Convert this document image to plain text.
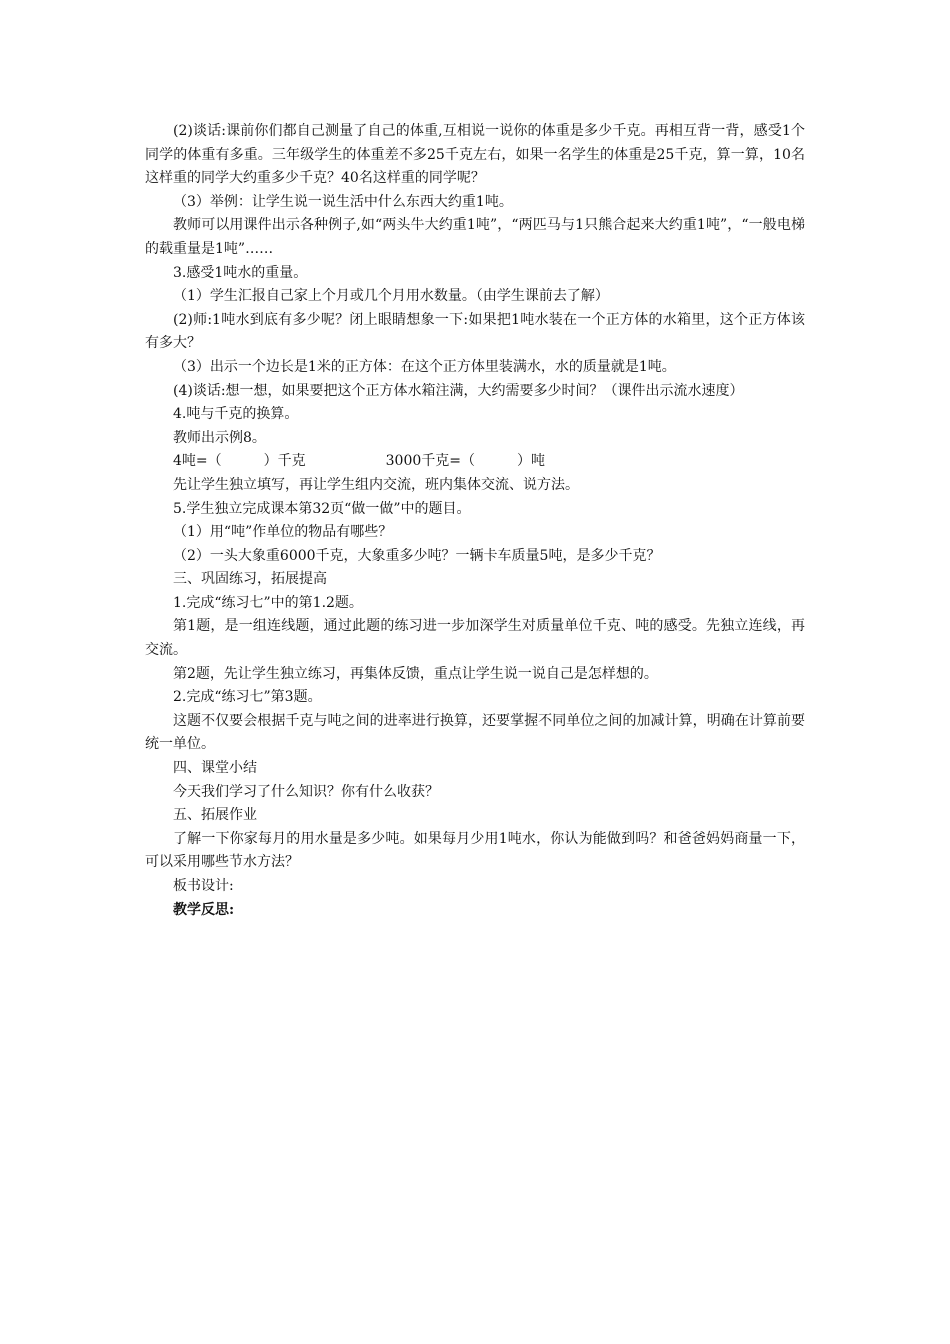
(2)谈话:课前你们都自己测量了自己的体重,互相说一说你的体重是多少千克。再相互背一背，感受1个同学的体重有多重。三年级学生的体重差不多25千克左右，如果一名学生的体重是25千克，算一算，10名这样重的同学大约重多少千克？40名这样重的同学呢？

（3）举例：让学生说一说生活中什么东西大约重1吨。

教师可以用课件出示各种例子,如“两头牛大约重1吨”，“两匹马与1只熊合起来大约重1吨”，“一般电梯的载重量是1吨”……

3.感受1吨水的重量。

（1）学生汇报自己家上个月或几个月用水数量。（由学生课前去了解）

(2)师:1吨水到底有多少呢？闭上眼睛想象一下:如果把1吨水装在一个正方体的水箱里，这个正方体该有多大？

（3）出示一个边长是1米的正方体：在这个正方体里装满水，水的质量就是1吨。

(4)谈话:想一想，如果要把这个正方体水箱注满，大约需要多少时间？（课件出示流水速度）

4.吨与千克的换算。

教师出示例8。

4吨=（　　　）千克	3000千克=（　　　）吨

先让学生独立填写，再让学生组内交流，班内集体交流、说方法。

5.学生独立完成课本第32页“做一做”中的题目。

（1）用“吨”作单位的物品有哪些？

（2）一头大象重6000千克，大象重多少吨？一辆卡车质量5吨，是多少千克？

三、巩固练习，拓展提高

1.完成“练习七”中的第1.2题。

第1题，是一组连线题，通过此题的练习进一步加深学生对质量单位千克、吨的感受。先独立连线，再交流。

第2题，先让学生独立练习，再集体反馈，重点让学生说一说自己是怎样想的。

2.完成“练习七”第3题。

这题不仅要会根据千克与吨之间的进率进行换算，还要掌握不同单位之间的加减计算，明确在计算前要统一单位。

四、课堂小结

今天我们学习了什么知识？你有什么收获？

五、拓展作业

了解一下你家每月的用水量是多少吨。如果每月少用1吨水，你认为能做到吗？和爸爸妈妈商量一下，可以采用哪些节水方法？

板书设计:

教学反思:
